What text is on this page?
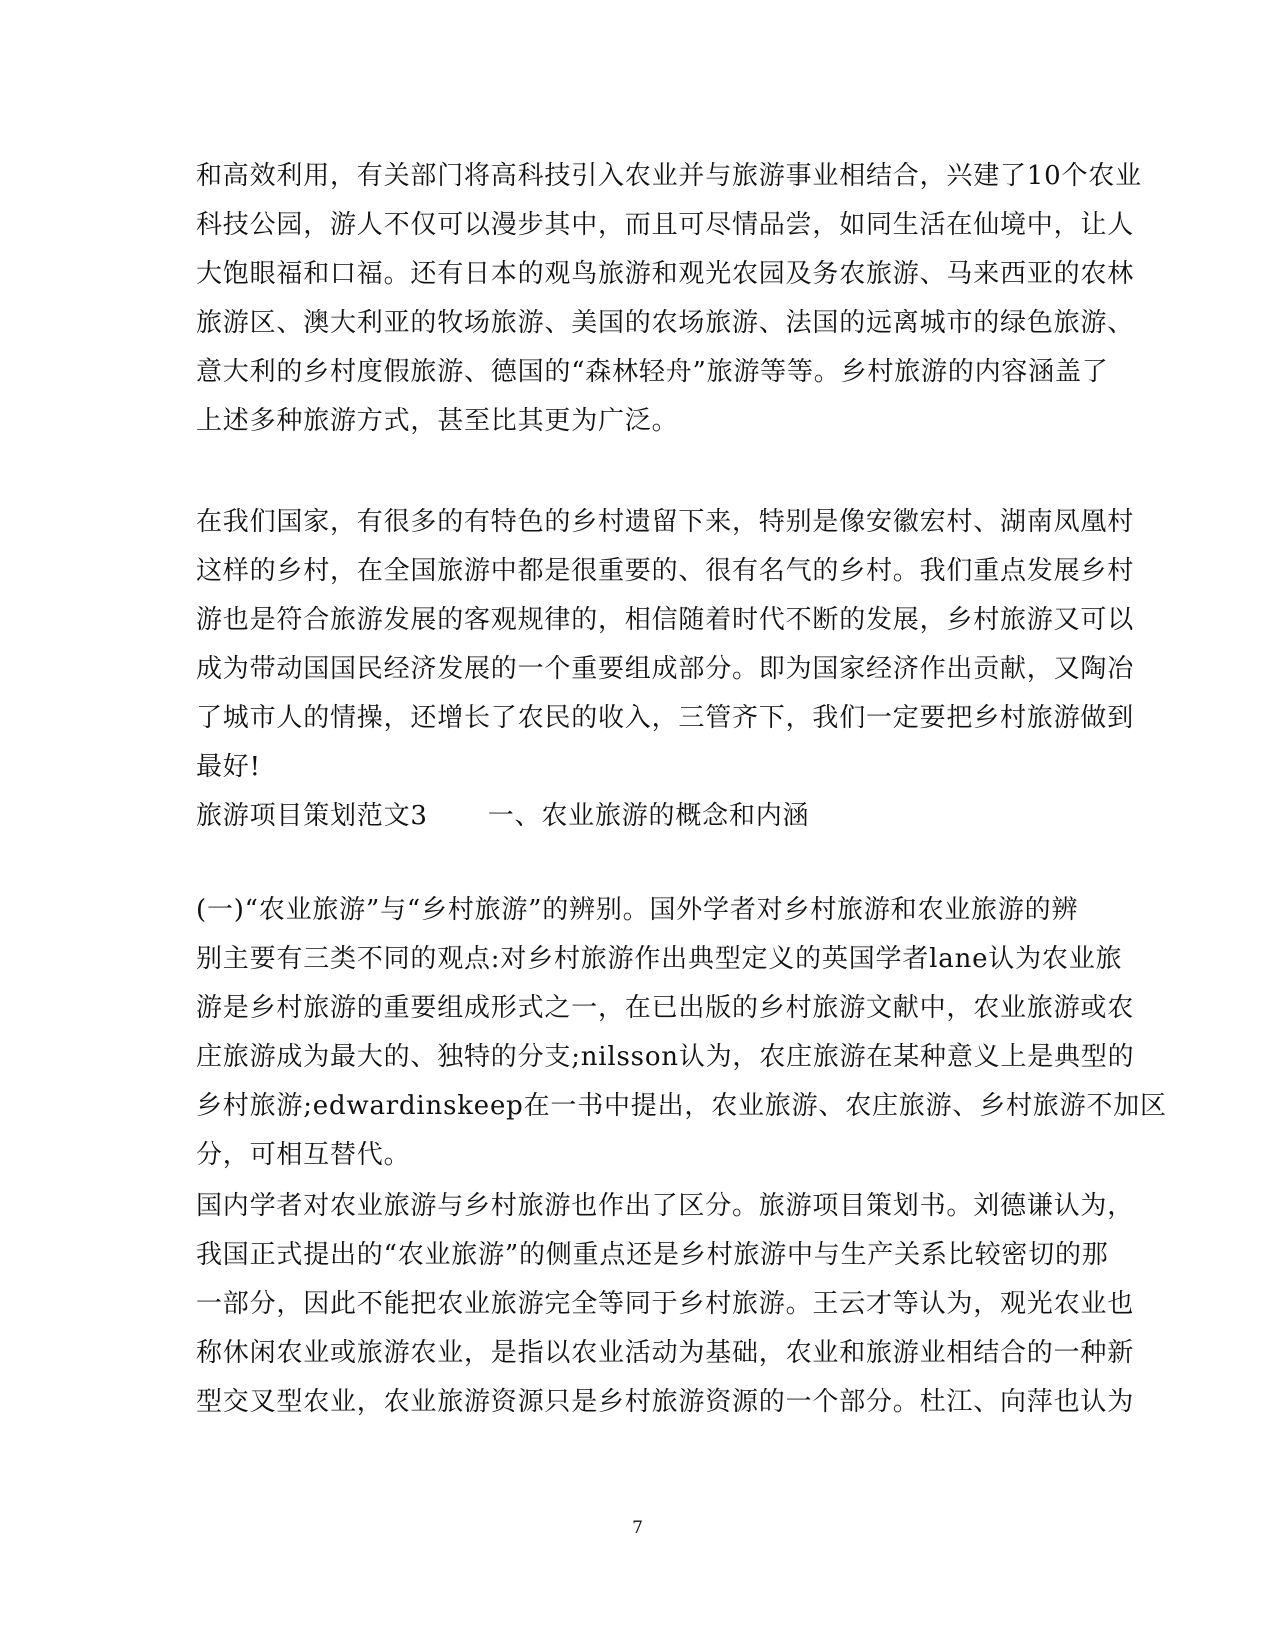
和高效利用，有关部门将高科技引入农业并与旅游事业相结合，兴建了10个农业
科技公园，游人不仅可以漫步其中，而且可尽情品尝，如同生活在仙境中，让人
大饱眼福和口福。还有日本的观鸟旅游和观光农园及务农旅游、马来西亚的农林
旅游区、澳大利亚的牧场旅游、美国的农场旅游、法国的远离城市的绿色旅游、
意大利的乡村度假旅游、德国的“森林轻舟”旅游等等。乡村旅游的内容涵盖了
上述多种旅游方式，甚至比其更为广泛。
在我们国家，有很多的有特色的乡村遗留下来，特别是像安徽宏村、湖南凤凰村
这样的乡村，在全国旅游中都是很重要的、很有名气的乡村。我们重点发展乡村
游也是符合旅游发展的客观规律的，相信随着时代不断的发展，乡村旅游又可以
成为带动国国民经济发展的一个重要组成部分。即为国家经济作出贡献，又陶冶
了城市人的情操，还增长了农民的收入，三管齐下，我们一定要把乡村旅游做到
最好!
旅游项目策划范文3 一、农业旅游的概念和内涵
(一)“农业旅游”与“乡村旅游”的辨别。国外学者对乡村旅游和农业旅游的辨
别主要有三类不同的观点:对乡村旅游作出典型定义的英国学者lane认为农业旅
游是乡村旅游的重要组成形式之一，在已出版的乡村旅游文献中，农业旅游或农
庄旅游成为最大的、独特的分支;nilsson认为，农庄旅游在某种意义上是典型的
乡村旅游;edwardinskeep在一书中提出，农业旅游、农庄旅游、乡村旅游不加区
分，可相互替代。
国内学者对农业旅游与乡村旅游也作出了区分。旅游项目策划书。刘德谦认为，
我国正式提出的“农业旅游”的侧重点还是乡村旅游中与生产关系比较密切的那
一部分，因此不能把农业旅游完全等同于乡村旅游。王云才等认为，观光农业也
称休闲农业或旅游农业，是指以农业活动为基础，农业和旅游业相结合的一种新
型交叉型农业，农业旅游资源只是乡村旅游资源的一个部分。杜江、向萍也认为
7
